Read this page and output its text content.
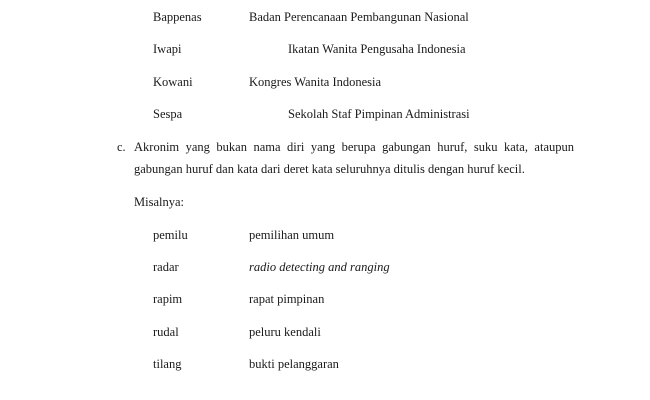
Bappenas	Badan Perencanaan Pembangunan Nasional
Iwapi	Ikatan Wanita Pengusaha Indonesia
Kowani	Kongres Wanita Indonesia
Sespa	Sekolah Staf Pimpinan Administrasi
c. Akronim yang bukan nama diri yang berupa gabungan huruf, suku kata, ataupun
gabungan huruf dan kata dari deret kata seluruhnya ditulis dengan huruf kecil.
Misalnya:
pemilu	pemilihan umum
radar	radio detecting and ranging
rapim	rapat pimpinan
rudal	peluru kendali
tilang	bukti pelanggaran
